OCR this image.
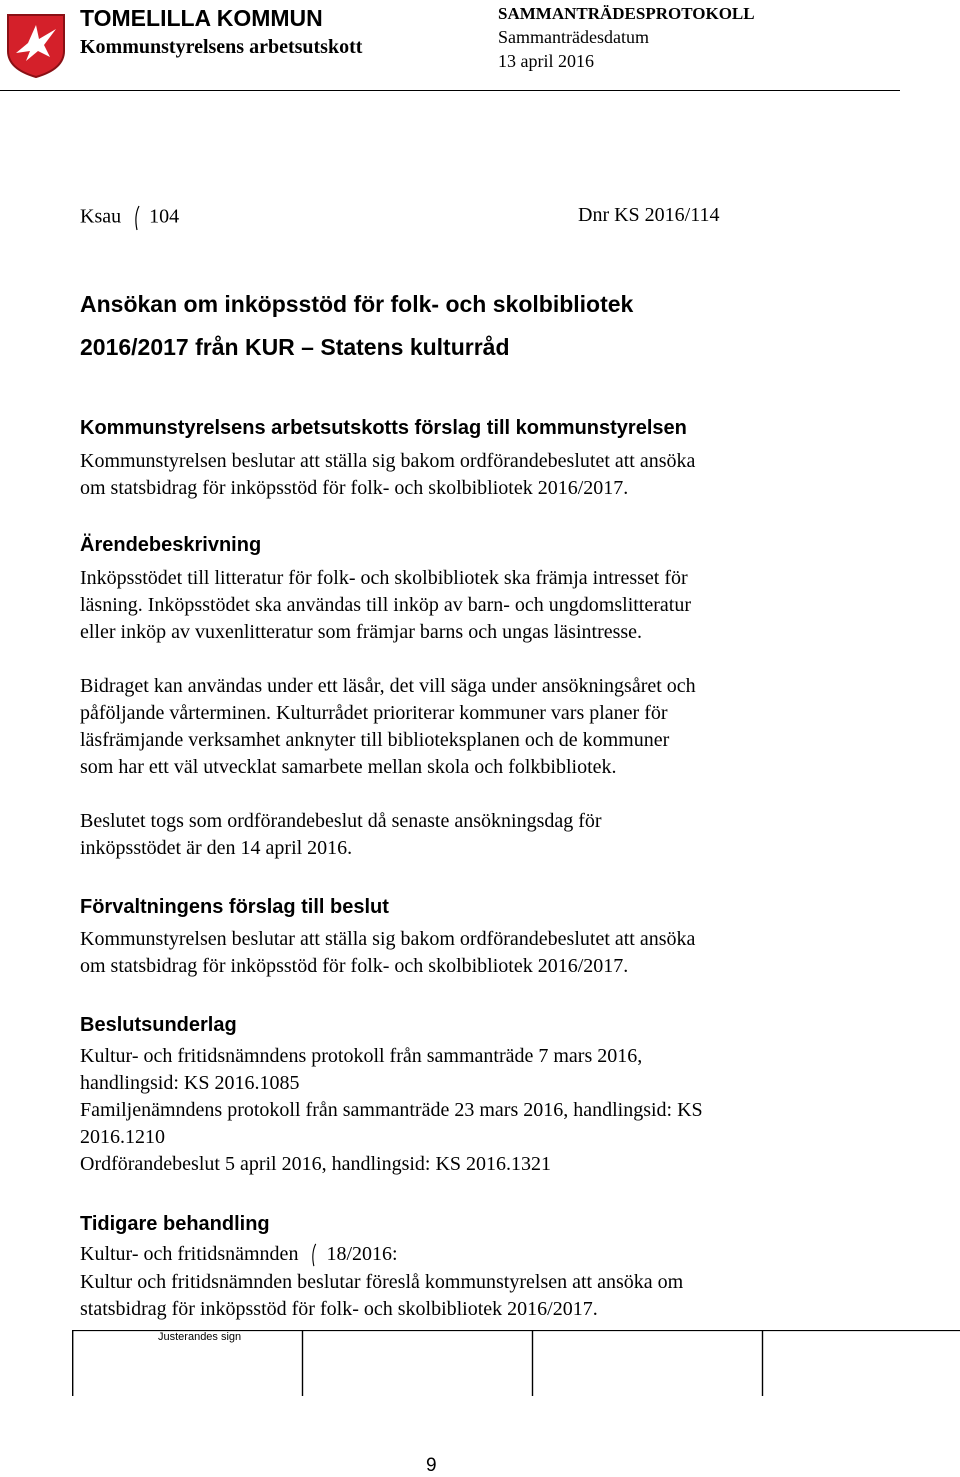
TOMELILLA KOMMUN
Kommunstyrelsens arbetsutskott
SAMMANTRÄDESPROTOKOLL
Sammanträdesdatum
13 april 2016
Ksau 104	Dnr KS 2016/114
Ansökan om inköpsstöd för folk- och skolbibliotek
2016/2017 från KUR – Statens kulturråd
Kommunstyrelsens arbetsutskotts förslag till kommunstyrelsen
Kommunstyrelsen beslutar att ställa sig bakom ordförandebeslutet att ansöka
om statsbidrag för inköpsstöd för folk- och skolbibliotek 2016/2017.
Ärendebeskrivning
Inköpsstödet till litteratur för folk- och skolbibliotek ska främja intresset för
läsning. Inköpsstödet ska användas till inköp av barn- och ungdomslitteratur
eller inköp av vuxenlitteratur som främjar barns och ungas läsintresse.
Bidraget kan användas under ett läsår, det vill säga under ansökningsåret och
påföljande vårterminen. Kulturrådet prioriterar kommuner vars planer för
läsfrämjande verksamhet anknyter till biblioteksplanen och de kommuner
som har ett väl utvecklat samarbete mellan skola och folkbibliotek.
Beslutet togs som ordförandebeslut då senaste ansökningsdag för
inköpsstödet är den 14 april 2016.
Förvaltningens förslag till beslut
Kommunstyrelsen beslutar att ställa sig bakom ordförandebeslutet att ansöka
om statsbidrag för inköpsstöd för folk- och skolbibliotek 2016/2017.
Beslutsunderlag
Kultur- och fritidsnämndens protokoll från sammanträde 7 mars 2016,
handlingsid: KS 2016.1085
Familjenämndens protokoll från sammanträde 23 mars 2016, handlingsid: KS
2016.1210
Ordförandebeslut 5 april 2016, handlingsid: KS 2016.1321
Tidigare behandling
Kultur- och fritidsnämnden 18/2016:
Kultur och fritidsnämnden beslutar föreslå kommunstyrelsen att ansöka om
statsbidrag för inköpsstöd för folk- och skolbibliotek 2016/2017.
Justerandes sign
9
